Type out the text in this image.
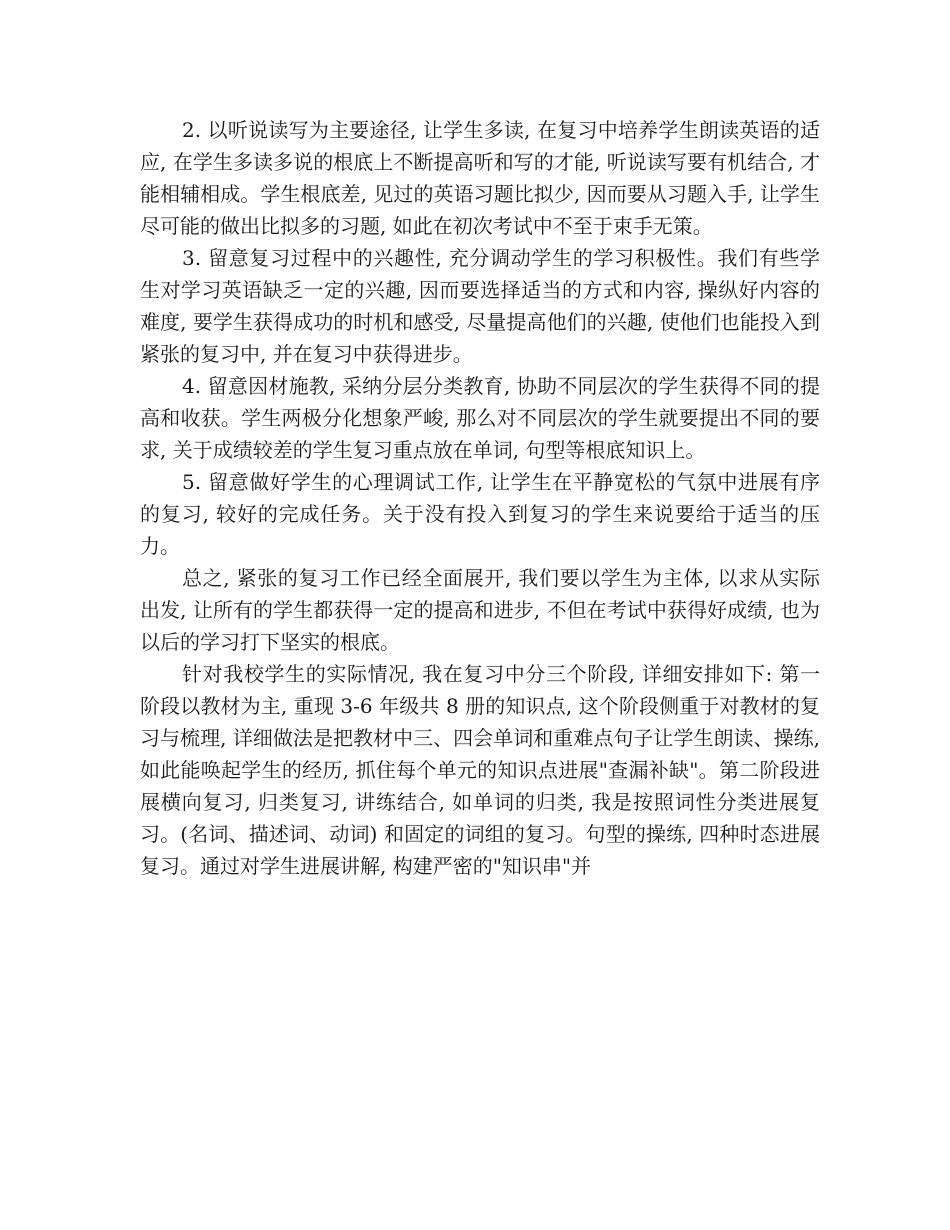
2. 以听说读写为主要途径, 让学生多读, 在复习中培养学生朗读英语的适应, 在学生多读多说的根底上不断提高听和写的才能, 听说读写要有机结合, 才能相辅相成。学生根底差, 见过的英语习题比拟少, 因而要从习题入手, 让学生尽可能的做出比拟多的习题, 如此在初次考试中不至于束手无策。

3. 留意复习过程中的兴趣性, 充分调动学生的学习积极性。我们有些学生对学习英语缺乏一定的兴趣, 因而要选择适当的方式和内容, 操纵好内容的难度, 要学生获得成功的时机和感受, 尽量提高他们的兴趣, 使他们也能投入到紧张的复习中, 并在复习中获得进步。

4. 留意因材施教, 采纳分层分类教育, 协助不同层次的学生获得不同的提高和收获。学生两极分化想象严峻, 那么对不同层次的学生就要提出不同的要求, 关于成绩较差的学生复习重点放在单词, 句型等根底知识上。

5. 留意做好学生的心理调试工作, 让学生在平静宽松的气氛中进展有序的复习, 较好的完成任务。关于没有投入到复习的学生来说要给于适当的压力。

总之, 紧张的复习工作已经全面展开, 我们要以学生为主体, 以求从实际出发, 让所有的学生都获得一定的提高和进步, 不但在考试中获得好成绩, 也为以后的学习打下坚实的根底。

针对我校学生的实际情况, 我在复习中分三个阶段, 详细安排如下: 第一阶段以教材为主, 重现 3-6 年级共 8 册的知识点, 这个阶段侧重于对教材的复习与梳理, 详细做法是把教材中三、四会单词和重难点句子让学生朗读、操练, 如此能唤起学生的经历, 抓住每个单元的知识点进展"查漏补缺"。第二阶段进展横向复习, 归类复习, 讲练结合, 如单词的归类, 我是按照词性分类进展复习。(名词、描述词、动词) 和固定的词组的复习。句型的操练, 四种时态进展复习。通过对学生进展讲解, 构建严密的"知识串"并
